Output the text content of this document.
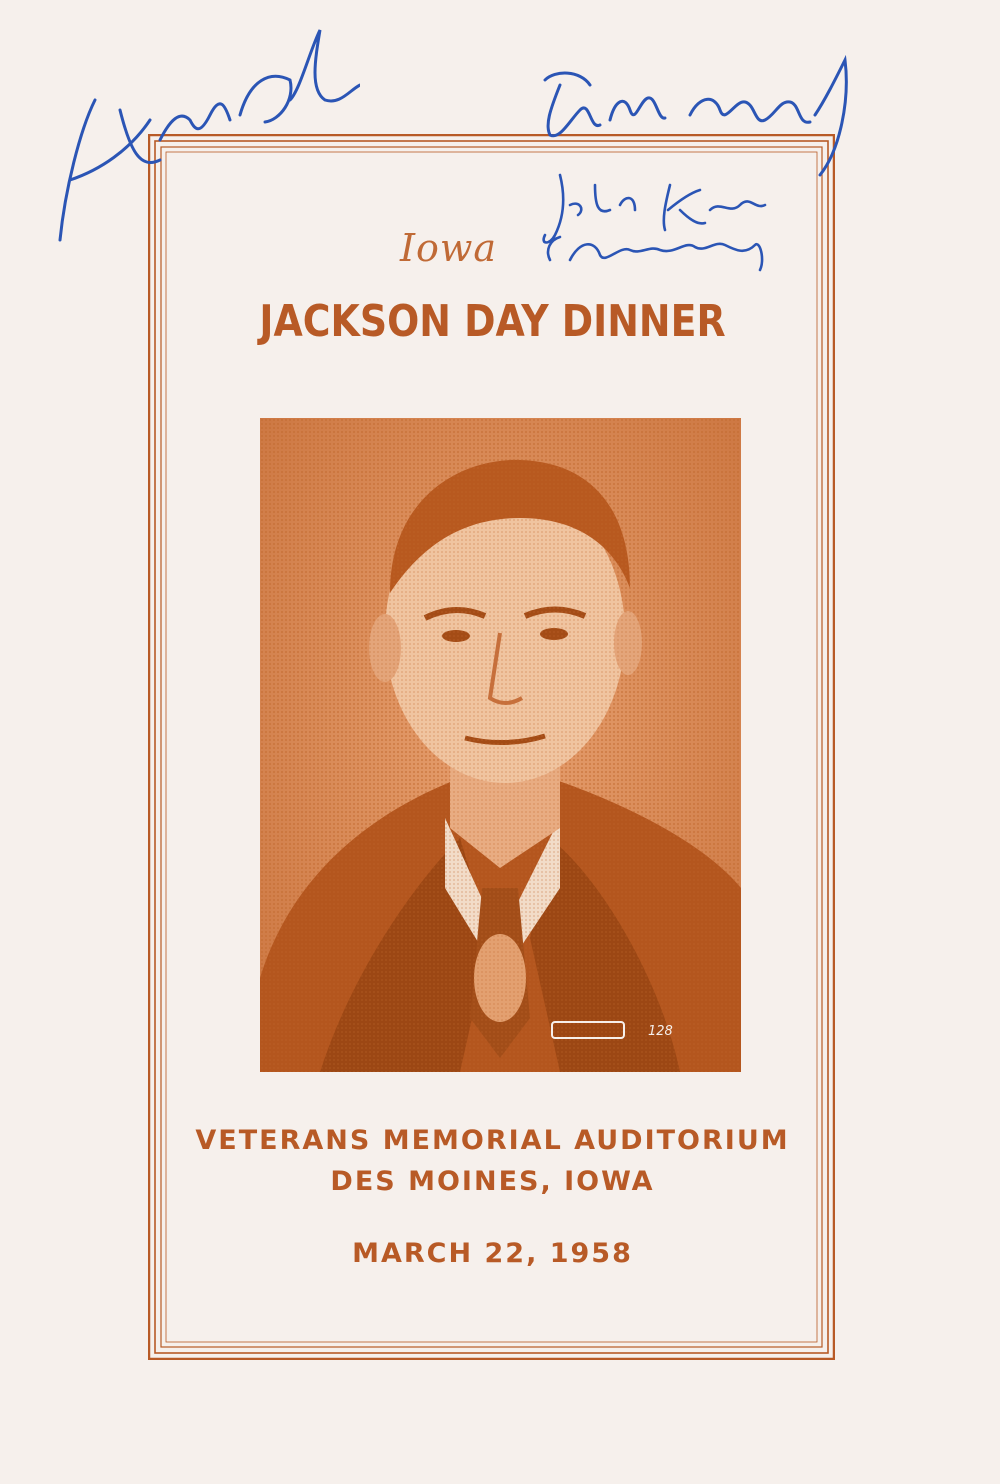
Iowa
JACKSON DAY DINNER
128
VETERANS MEMORIAL AUDITORIUM
DES MOINES, IOWA
MARCH 22, 1958
